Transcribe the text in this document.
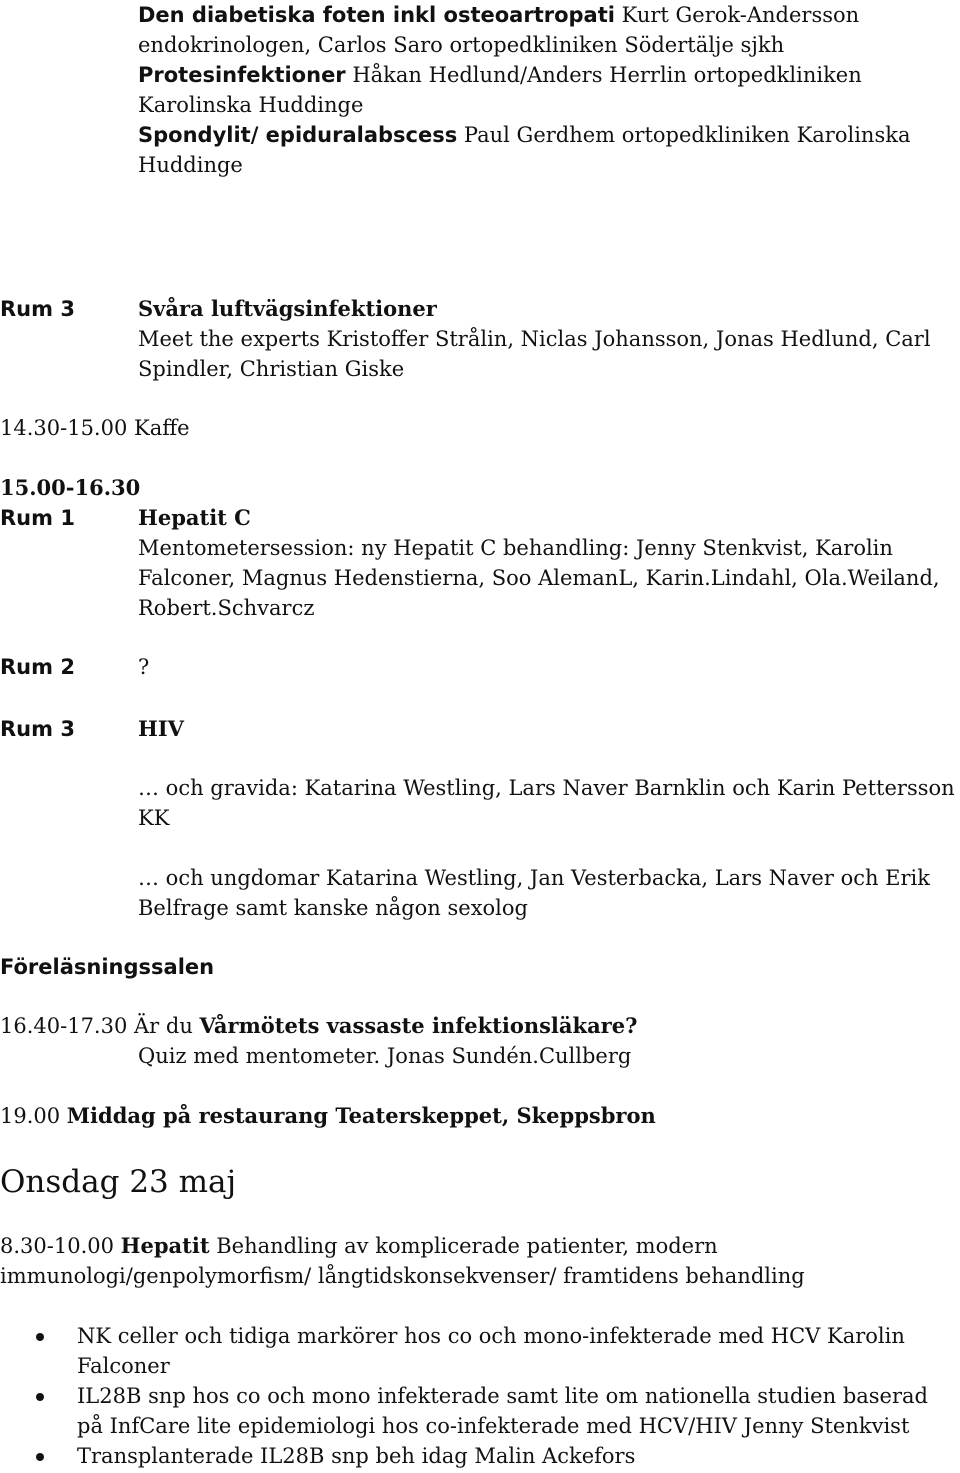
Den diabetiska foten inkl osteoartropati Kurt Gerok-Andersson endokrinologen, Carlos Saro ortopedkliniken Södertälje sjkh
Protesinfektioner Håkan Hedlund/Anders Herrlin ortopedkliniken Karolinska Huddinge
Spondylit/ epiduralabscess Paul Gerdhem ortopedkliniken Karolinska Huddinge
Rum 3	Svåra luftvägsinfektioner
Meet the experts Kristoffer Strålin, Niclas Johansson, Jonas Hedlund, Carl Spindler, Christian Giske
14.30-15.00 Kaffe
15.00-16.30
Rum 1	Hepatit C
Mentometersession: ny Hepatit C behandling: Jenny Stenkvist, Karolin Falconer, Magnus Hedenstierna, Soo AlemanL, Karin.Lindahl, Ola.Weiland, Robert.Schvarcz
Rum 2	?
Rum 3	HIV
… och gravida: Katarina Westling, Lars Naver Barnklin och Karin Pettersson KK
… och ungdomar Katarina Westling, Jan Vesterbacka, Lars Naver och Erik Belfrage samt kanske någon sexolog
Föreläsningssalen
16.40-17.30 Är du Vårmötets vassaste infektionsläkare?
Quiz med mentometer. Jonas Sundén.Cullberg
19.00 Middag på restaurang Teaterskeppet, Skeppsbron
Onsdag 23 maj
8.30-10.00 Hepatit Behandling av komplicerade patienter, modern immunologi/genpolymorfism/ långtidskonsekvenser/ framtidens behandling
NK celler och tidiga markörer hos co och mono-infekterade med HCV Karolin Falconer
IL28B snp hos co och mono infekterade samt lite om nationella studien baserad på InfCare lite epidemiologi hos co-infekterade med HCV/HIV Jenny Stenkvist
Transplanterade IL28B snp beh idag Malin Ackefors
